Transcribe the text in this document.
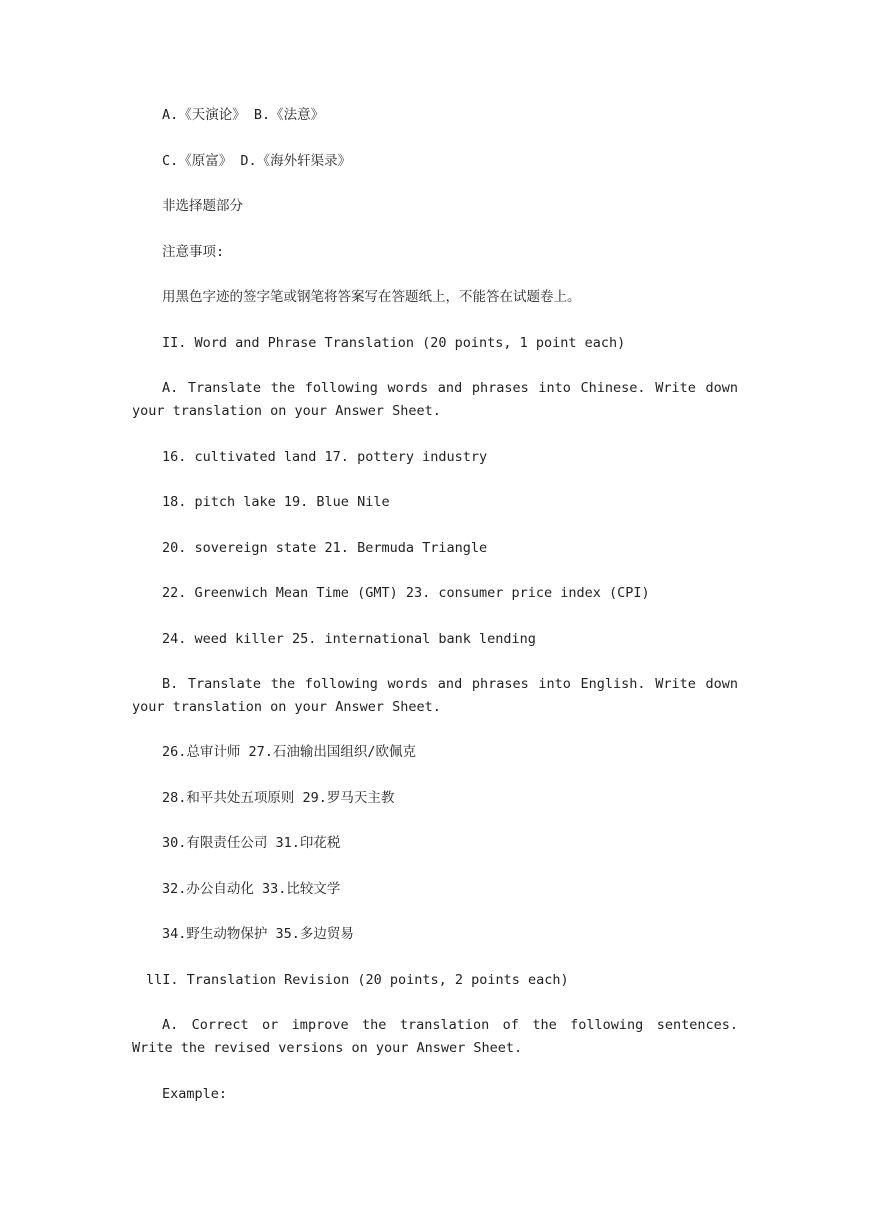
A.《天演论》 B.《法意》

C.《原富》 D.《海外轩渠录》

非选择题部分

注意事项:

用黑色字迹的签字笔或钢笔将答案写在答题纸上，不能答在试题卷上。

II. Word and Phrase Translation (20 points, 1 point each)

A. Translate the following words and phrases into Chinese. Write down your translation on your Answer Sheet.

16. cultivated land 17. pottery industry

18. pitch lake 19. Blue Nile

20. sovereign state 21. Bermuda Triangle

22. Greenwich Mean Time (GMT) 23. consumer price index (CPI)

24. weed killer 25. international bank lending

B. Translate the following words and phrases into English. Write down your translation on your Answer Sheet.

26.总审计师 27.石油输出国组织/欧佩克

28.和平共处五项原则 29.罗马天主教

30.有限责任公司 31.印花税

32.办公自动化 33.比较文学

34.野生动物保护 35.多边贸易

llI. Translation Revision (20 points, 2 points each)

A. Correct or improve the translation of the following sentences. Write the revised versions on your Answer Sheet.

Example:
